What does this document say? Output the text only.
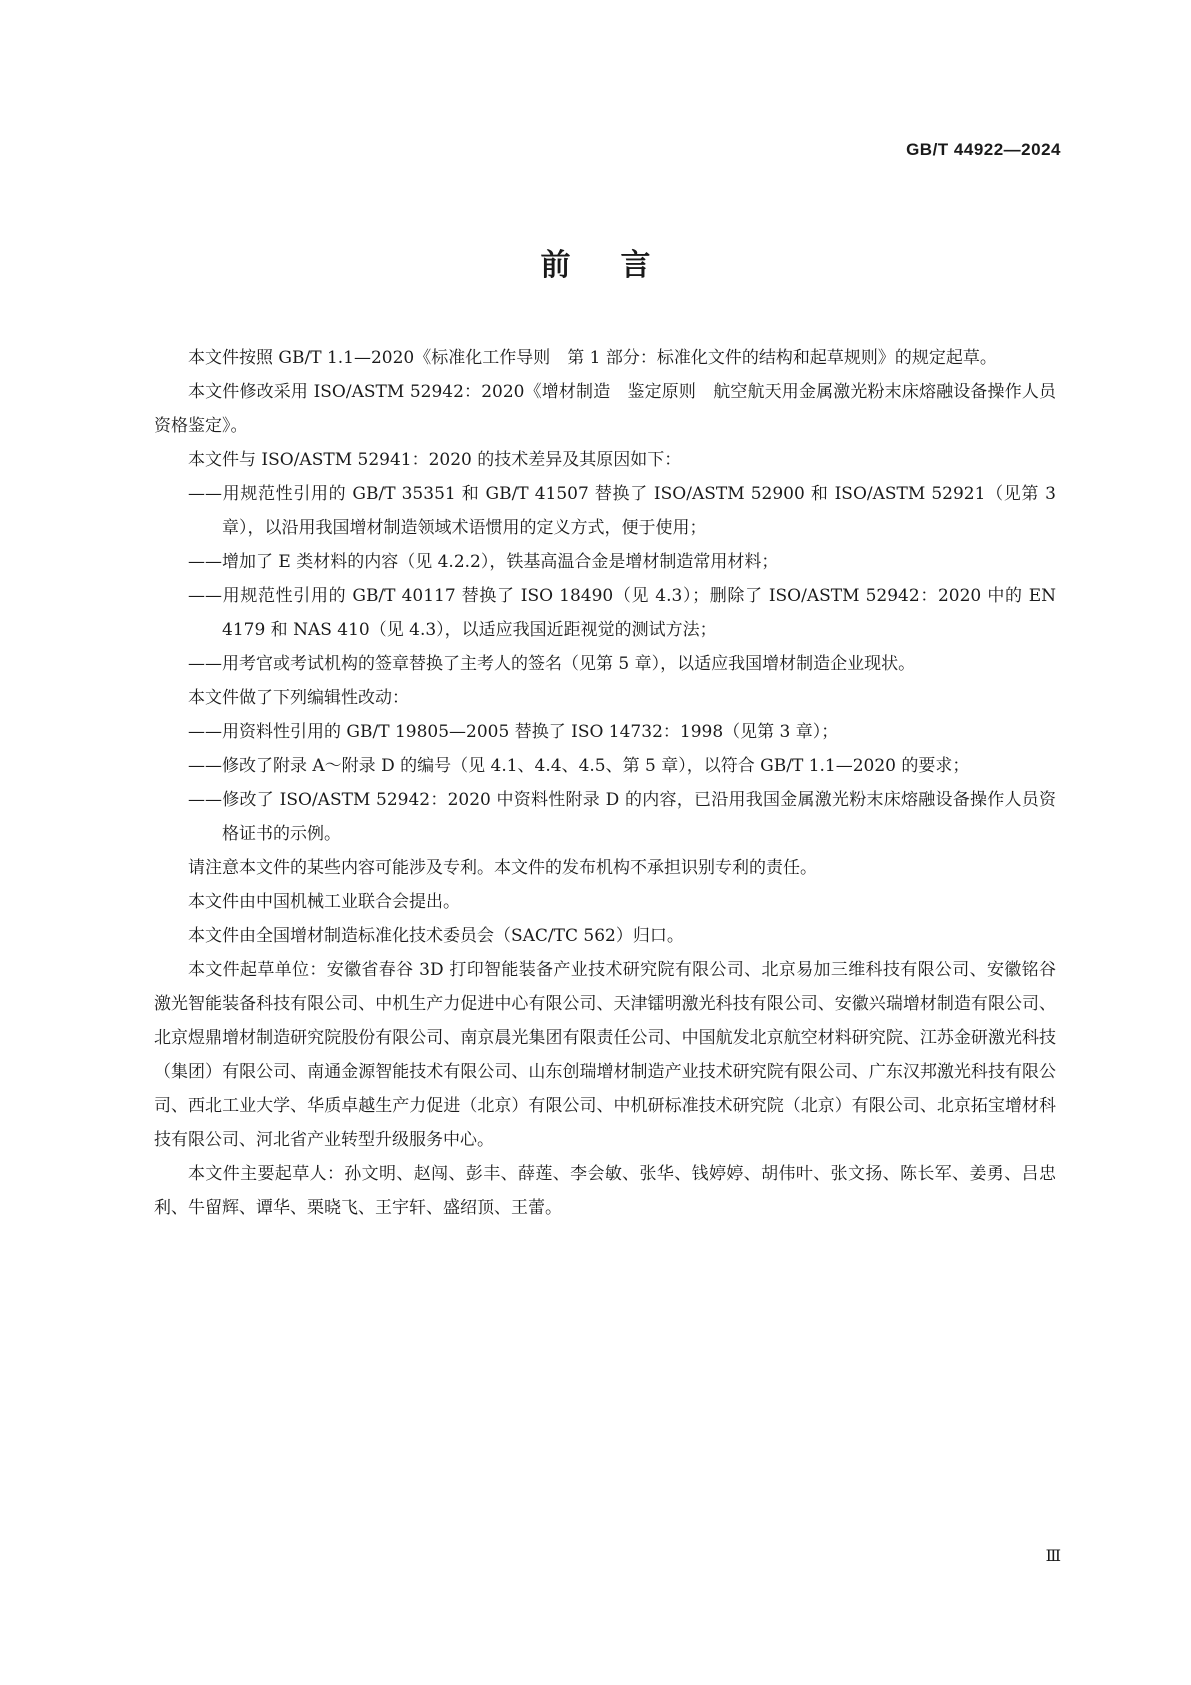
GB/T 44922—2024
前言

本文件按照 GB/T 1.1—2020《标准化工作导则　第 1 部分：标准化文件的结构和起草规则》的规定起草。

本文件修改采用 ISO/ASTM 52942：2020《增材制造　鉴定原则　航空航天用金属激光粉末床熔融设备操作人员资格鉴定》。

本文件与 ISO/ASTM 52941：2020 的技术差异及其原因如下：

——用规范性引用的 GB/T 35351 和 GB/T 41507 替换了 ISO/ASTM 52900 和 ISO/ASTM 52921（见第 3 章），以沿用我国增材制造领域术语惯用的定义方式，便于使用；

——增加了 E 类材料的内容（见 4.2.2），铁基高温合金是增材制造常用材料；

——用规范性引用的 GB/T 40117 替换了 ISO 18490（见 4.3）；删除了 ISO/ASTM 52942：2020 中的 EN 4179 和 NAS 410（见 4.3），以适应我国近距视觉的测试方法；

——用考官或考试机构的签章替换了主考人的签名（见第 5 章），以适应我国增材制造企业现状。

本文件做了下列编辑性改动：

——用资料性引用的 GB/T 19805—2005 替换了 ISO 14732：1998（见第 3 章）；

——修改了附录 A～附录 D 的编号（见 4.1、4.4、4.5、第 5 章），以符合 GB/T 1.1—2020 的要求；

——修改了 ISO/ASTM 52942：2020 中资料性附录 D 的内容，已沿用我国金属激光粉末床熔融设备操作人员资格证书的示例。

请注意本文件的某些内容可能涉及专利。本文件的发布机构不承担识别专利的责任。

本文件由中国机械工业联合会提出。

本文件由全国增材制造标准化技术委员会（SAC/TC 562）归口。

本文件起草单位：安徽省春谷 3D 打印智能装备产业技术研究院有限公司、北京易加三维科技有限公司、安徽铭谷激光智能装备科技有限公司、中机生产力促进中心有限公司、天津镭明激光科技有限公司、安徽兴瑞增材制造有限公司、北京煜鼎增材制造研究院股份有限公司、南京晨光集团有限责任公司、中国航发北京航空材料研究院、江苏金研激光科技（集团）有限公司、南通金源智能技术有限公司、山东创瑞增材制造产业技术研究院有限公司、广东汉邦激光科技有限公司、西北工业大学、华质卓越生产力促进（北京）有限公司、中机研标准技术研究院（北京）有限公司、北京拓宝增材科技有限公司、河北省产业转型升级服务中心。

本文件主要起草人：孙文明、赵闯、彭丰、薛莲、李会敏、张华、钱婷婷、胡伟叶、张文扬、陈长军、姜勇、吕忠利、牛留辉、谭华、栗晓飞、王宇轩、盛绍顶、王蕾。

Ⅲ
